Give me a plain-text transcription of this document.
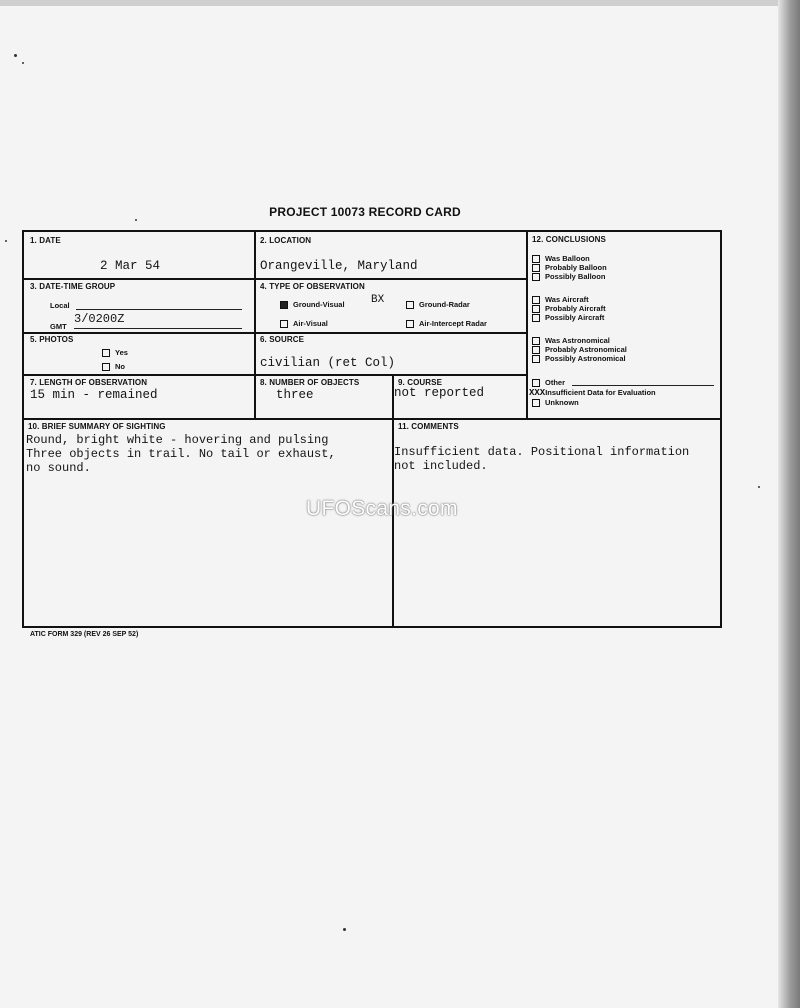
PROJECT 10073 RECORD CARD
1. DATE
2 Mar 54
2. LOCATION
Orangeville, Maryland
3. DATE-TIME GROUP
Local
GMT
3/0200Z
4. TYPE OF OBSERVATION
Ground-Visual BX	Ground-Radar
Air-Visual	Air-Intercept Radar
5. PHOTOS
Yes
No
6. SOURCE
civilian (ret Col)
7. LENGTH OF OBSERVATION
15 min - remained
8. NUMBER OF OBJECTS
three
9. COURSE
not reported
10. BRIEF SUMMARY OF SIGHTING
Round, bright white - hovering and pulsing
Three objects in trail. No tail or exhaust,
no sound.
11. COMMENTS
Insufficient data. Positional information
not included.
12. CONCLUSIONS
Was Balloon
Probably Balloon
Possibly Balloon
Was Aircraft
Probably Aircraft
Possibly Aircraft
Was Astronomical
Probably Astronomical
Possibly Astronomical
Other
XXXInsufficient Data for Evaluation
Unknown
ATIC FORM 329 (REV 26 SEP 52)
UFOScans.com
